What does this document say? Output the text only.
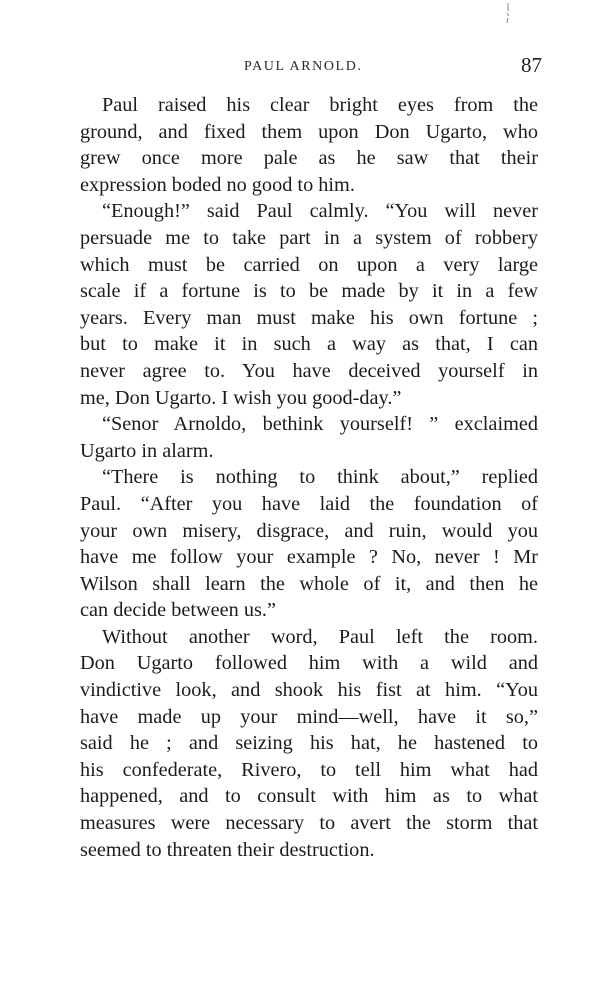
PAUL ARNOLD.	87
Paul raised his clear bright eyes from the
ground, and fixed them upon Don Ugarto, who
grew once more pale as he saw that their
expression boded no good to him.
“Enough!” said Paul calmly. “You will never
persuade me to take part in a system of robbery
which must be carried on upon a very large
scale if a fortune is to be made by it in a few
years. Every man must make his own fortune ;
but to make it in such a way as that, I can
never agree to. You have deceived yourself in
me, Don Ugarto. I wish you good-day.”
“Senor Arnoldo, bethink yourself! ” exclaimed
Ugarto in alarm.
“There is nothing to think about,” replied
Paul. “After you have laid the foundation of
your own misery, disgrace, and ruin, would you
have me follow your example ? No, never ! Mr
Wilson shall learn the whole of it, and then he
can decide between us.”
Without another word, Paul left the room.
Don Ugarto followed him with a wild and
vindictive look, and shook his fist at him. “You
have made up your mind—well, have it so,”
said he ; and seizing his hat, he hastened to
his confederate, Rivero, to tell him what had
happened, and to consult with him as to what
measures were necessary to avert the storm that
seemed to threaten their destruction.
